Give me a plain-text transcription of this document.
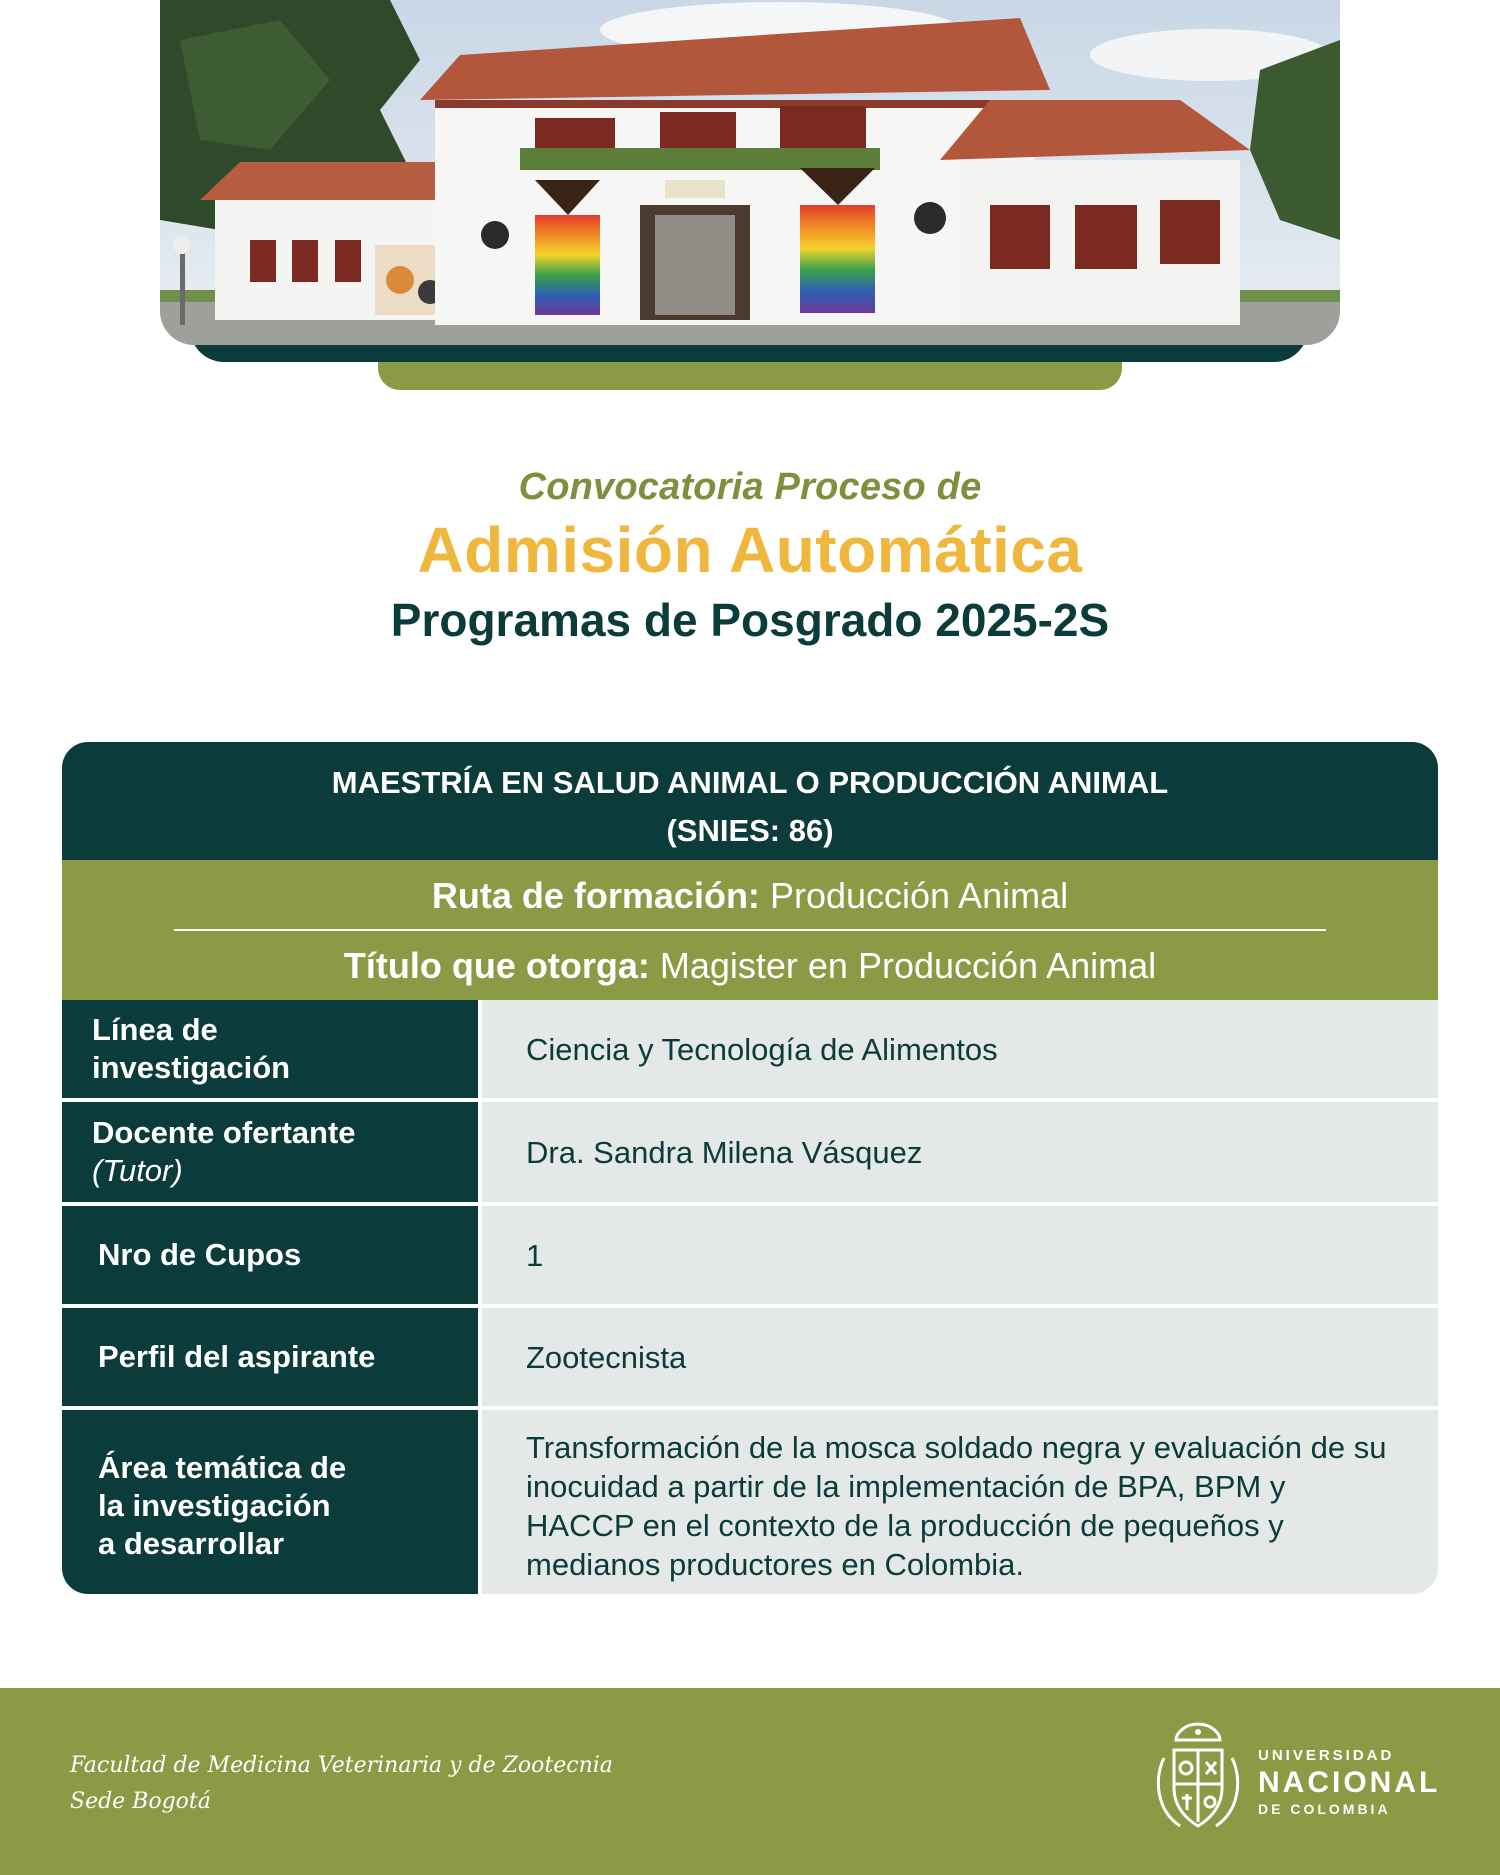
Convocatoria Proceso de
Admisión Automática
Programas de Posgrado 2025-2S
MAESTRÍA EN SALUD ANIMAL O PRODUCCIÓN ANIMAL
(SNIES: 86)
Ruta de formación: Producción Animal
Título que otorga: Magister en Producción Animal
Línea de
investigación
Ciencia y Tecnología de Alimentos
Docente ofertante
(Tutor)
Dra. Sandra Milena Vásquez
Nro de Cupos	1
Perfil del aspirante	Zootecnista
Área temática de
la investigación
a desarrollar
Transformación de la mosca soldado negra y evaluación de su inocuidad a partir de la implementación de BPA, BPM y HACCP en el contexto de la producción de pequeños y medianos productores en Colombia.
Facultad de Medicina Veterinaria y de Zootecnia
Sede Bogotá
UNIVERSIDAD
NACIONAL
DE COLOMBIA
